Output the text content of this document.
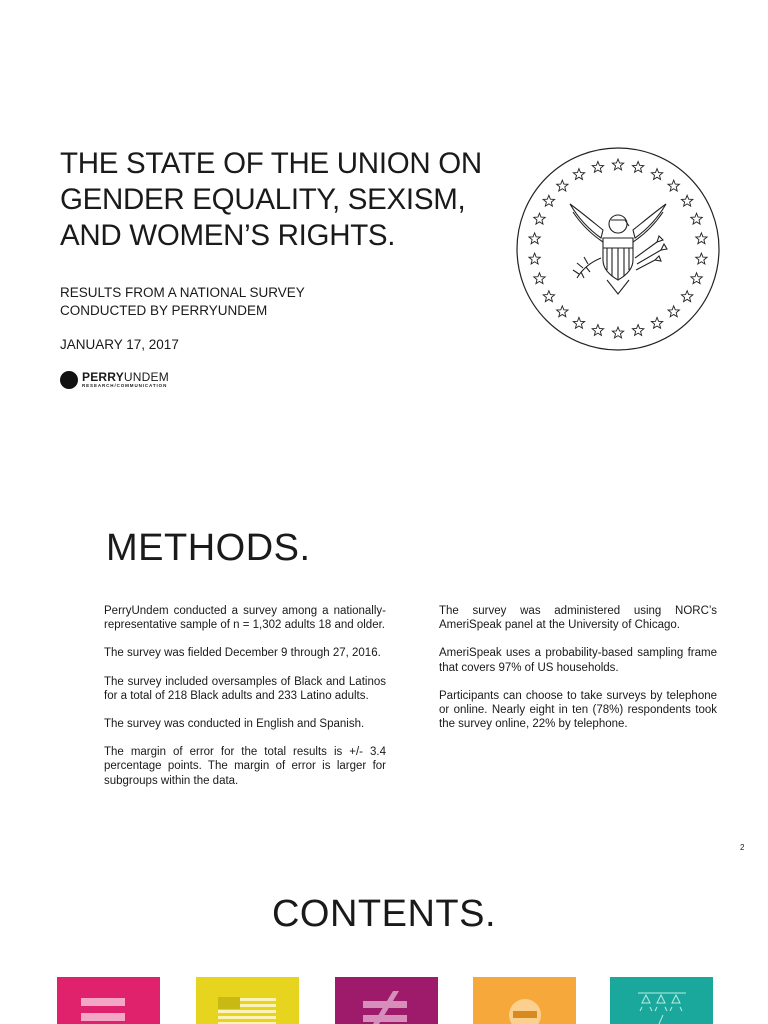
THE STATE OF THE UNION ON
GENDER EQUALITY, SEXISM,
AND WOMEN’S RIGHTS.
RESULTS FROM A NATIONAL SURVEY
CONDUCTED BY PERRYUNDEM
JANUARY 17, 2017
PERRYUNDEM
RESEARCH/COMMUNICATION
METHODS.

PerryUndem conducted a survey among a nationally-representative sample of n = 1,302 adults 18 and older.

The survey was fielded December 9 through 27, 2016.

The survey included oversamples of Black and Latinos for a total of 218 Black adults and 233 Latino adults.

The survey was conducted in English and Spanish.

The margin of error for the total results is +/- 3.4 percentage points. The margin of error is larger for subgroups within the data.

The survey was administered using NORC’s AmeriSpeak panel at the University of Chicago.

AmeriSpeak uses a probability-based sampling frame that covers 97% of US households.

Participants can choose to take surveys by telephone or online. Nearly eight in ten (78%) respondents took the survey online, 22% by telephone.

2
CONTENTS.
